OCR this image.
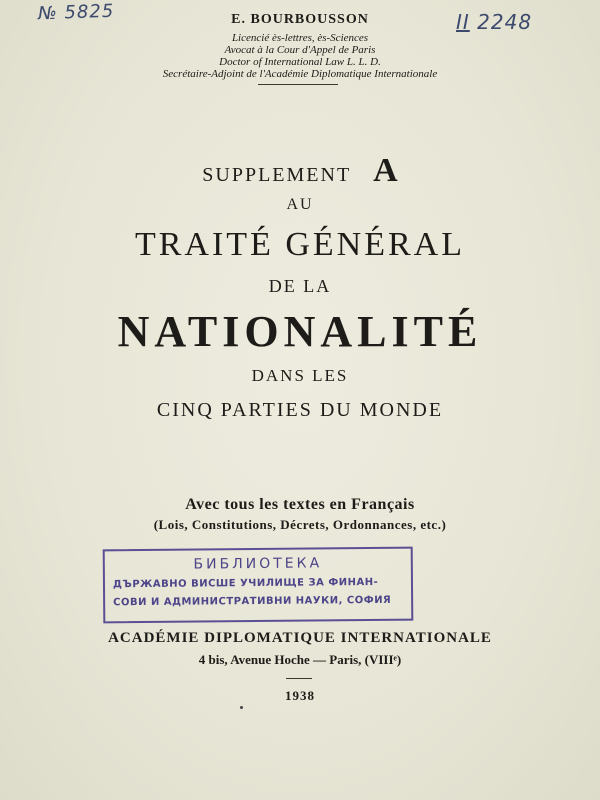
№ 5825	II 2248
E. BOURBOUSSON
Licencié ès-lettres, ès-Sciences
Avocat à la Cour d'Appel de Paris
Doctor of International Law L. L. D.
Secrétaire-Adjoint de l'Académie Diplomatique Internationale
SUPPLEMENT A
AU
TRAITÉ GÉNÉRAL
DE LA
NATIONALITÉ
DANS LES
CINQ PARTIES DU MONDE
Avec tous les textes en Français
(Lois, Constitutions, Décrets, Ordonnances, etc.)
БИБЛИОТЕКА
ДЪРЖАВНО ВИСШЕ УЧИЛИЩЕ ЗА ФИНАН-
СОВИ И АДМИНИСТРАТИВНИ НАУКИ, СОФИЯ
ACADÉMIE DIPLOMATIQUE INTERNATIONALE
4 bis, Avenue Hoche — Paris, (VIIIᵉ)
1938
